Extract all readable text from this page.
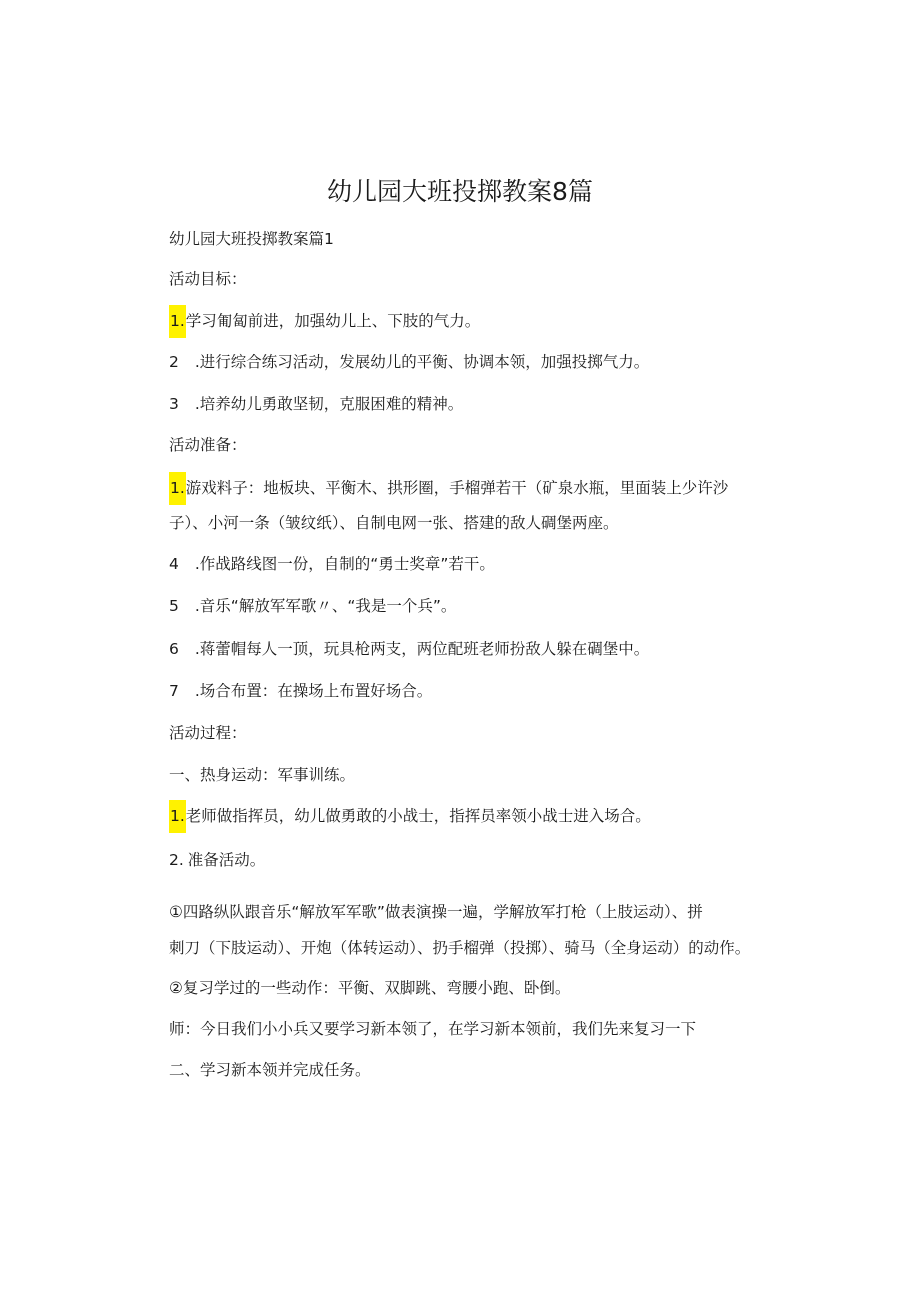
幼儿园大班投掷教案8篇
幼儿园大班投掷教案篇1
活动目标：
1.学习匍匐前进，加强幼儿上、下肢的气力。
2 .进行综合练习活动，发展幼儿的平衡、协调本领，加强投掷气力。
3 .培养幼儿勇敢坚韧，克服困难的精神。
活动准备：
1.游戏料子：地板块、平衡木、拱形圈，手榴弹若干（矿泉水瓶，里面装上少许沙
子）、小河一条（皱纹纸）、自制电网一张、搭建的敌人碉堡两座。
4 .作战路线图一份，自制的“勇士奖章”若干。
5 .音乐“解放军军歌〃、“我是一个兵”。
6 .蒋蕾帽每人一顶，玩具枪两支，两位配班老师扮敌人躲在碉堡中。
7 .场合布置：在操场上布置好场合。
活动过程：
一、热身运动：军事训练。
1.老师做指挥员，幼儿做勇敢的小战士，指挥员率领小战士进入场合。
2. 准备活动。
①四路纵队跟音乐“解放军军歌”做表演操一遍，学解放军打枪（上肢运动）、拼
刺刀（下肢运动）、开炮（体转运动）、扔手榴弹（投掷）、骑马（全身运动）的动作。
②复习学过的一些动作：平衡、双脚跳、弯腰小跑、卧倒。
师：今日我们小小兵又要学习新本领了，在学习新本领前，我们先来复习一下
二、学习新本领并完成任务。
